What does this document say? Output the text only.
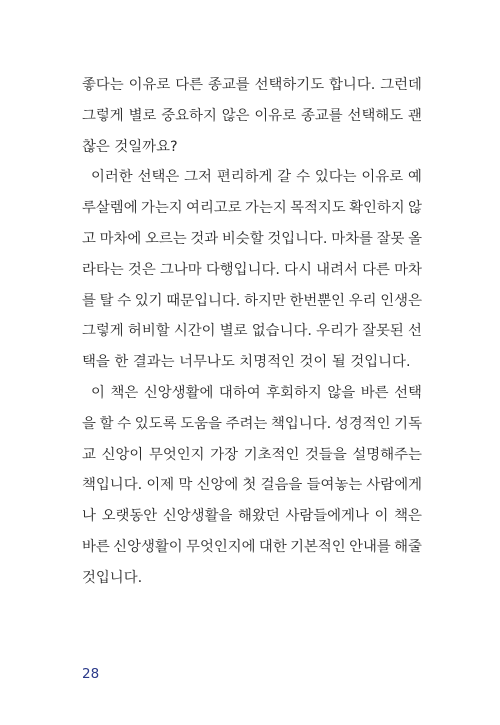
좋다는 이유로 다른 종교를 선택하기도 합니다. 그런데
그렇게 별로 중요하지 않은 이유로 종교를 선택해도 괜
찮은 것일까요?
이러한 선택은 그저 편리하게 갈 수 있다는 이유로 예
루살렘에 가는지 여리고로 가는지 목적지도 확인하지 않
고 마차에 오르는 것과 비슷할 것입니다. 마차를 잘못 올
라타는 것은 그나마 다행입니다. 다시 내려서 다른 마차
를 탈 수 있기 때문입니다. 하지만 한번뿐인 우리 인생은
그렇게 허비할 시간이 별로 없습니다. 우리가 잘못된 선
택을 한 결과는 너무나도 치명적인 것이 될 것입니다.
이 책은 신앙생활에 대하여 후회하지 않을 바른 선택
을 할 수 있도록 도움을 주려는 책입니다. 성경적인 기독
교 신앙이 무엇인지 가장 기초적인 것들을 설명해주는
책입니다. 이제 막 신앙에 첫 걸음을 들여놓는 사람에게
나 오랫동안 신앙생활을 해왔던 사람들에게나 이 책은
바른 신앙생활이 무엇인지에 대한 기본적인 안내를 해줄
것입니다.
28
